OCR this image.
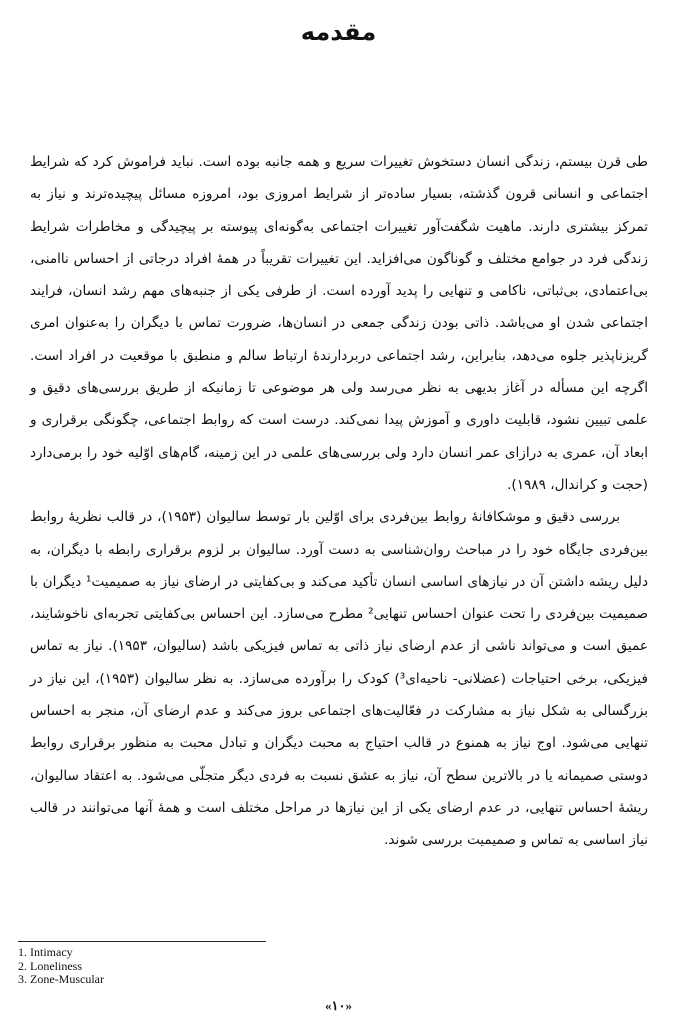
مقدمه

طی قرن بیستم، زندگی انسان دستخوش تغییرات سریع و همه جانبه بوده است. نباید فراموش کرد که شرایط اجتماعی و انسانی قرون گذشته، بسیار ساده‌تر از شرایط امروزی بود، امروزه مسائل پیچیده‌ترند و نیاز به تمرکز بیشتری دارند. ماهیت شگفت‌آور تغییرات اجتماعی به‌گونه‌ای پیوسته بر پیچیدگی و مخاطرات شرایط زندگی فرد در جوامع مختلف و گوناگون می‌افزاید. این تغییرات تقریباً در همهٔ افراد درجاتی از احساس ناامنی، بی‌اعتمادی، بی‌ثباتی، ناکامی و تنهایی را پدید آورده است. از طرفی یکی از جنبه‌های مهم رشد انسان، فرایند اجتماعی شدن او می‌باشد. ذاتی بودن زندگی جمعی در انسان‌ها، ضرورت تماس با دیگران را به‌عنوان امری گریزناپذیر جلوه می‌دهد، بنابراین، رشد اجتماعی دربردارندهٔ ارتباط سالم و منطبق با موقعیت در افراد است. اگرچه این مسأله در آغاز بدیهی به نظر می‌رسد ولی هر موضوعی تا زمانیکه از طریق بررسی‌های دقیق و علمی تبیین نشود، قابلیت داوری و آموزش پیدا نمی‌کند. درست است که روابط اجتماعی، چگونگی برقراری و ابعاد آن، عمری به درازای عمر انسان دارد ولی بررسی‌های علمی در این زمینه، گام‌های اوّلیه خود را برمی‌دارد (حجت و کراندال، ۱۹۸۹).

بررسی دقیق و موشکافانهٔ روابط بین‌فردی برای اوّلین بار توسط سالیوان (۱۹۵۳)، در قالب نظریهٔ روابط بین‌فردی جایگاه خود را در مباحث روان‌شناسی به دست آورد. سالیوان بر لزوم برقراری رابطه با دیگران، به دلیل ریشه داشتن آن در نیازهای اساسی انسان تأکید می‌کند و بی‌کفایتی در ارضای نیاز به صمیمیت¹ دیگران با صمیمیت بین‌فردی را تحت عنوان احساس تنهایی² مطرح می‌سازد. این احساس بی‌کفایتی تجربه‌ای ناخوشایند، عمیق است و می‌تواند ناشی از عدم ارضای نیاز ذاتی به تماس فیزیکی باشد (سالیوان، ۱۹۵۳). نیاز به تماس فیزیکی، برخی احتیاجات (عضلانی- ناحیه‌ای³) کودک را برآورده می‌سازد. به نظر سالیوان (۱۹۵۳)، این نیاز در بزرگسالی به شکل نیاز به مشارکت در فعّالیت‌های اجتماعی بروز می‌کند و عدم ارضای آن، منجر به احساس تنهایی می‌شود. اوج نیاز به همنوع در قالب احتیاج به محبت دیگران و تبادل محبت به منظور برقراری روابط دوستی صمیمانه یا در بالاترین سطح آن، نیاز به عشق نسبت به فردی دیگر متجلّی می‌شود. به اعتقاد سالیوان، ریشهٔ احساس تنهایی، در عدم ارضای یکی از این نیازها در مراحل مختلف است و همهٔ آنها می‌توانند در قالب نیاز اساسی به تماس و صمیمیت بررسی شوند.

1. Intimacy
2. Loneliness
3. Zone-Muscular
«۱۰»
